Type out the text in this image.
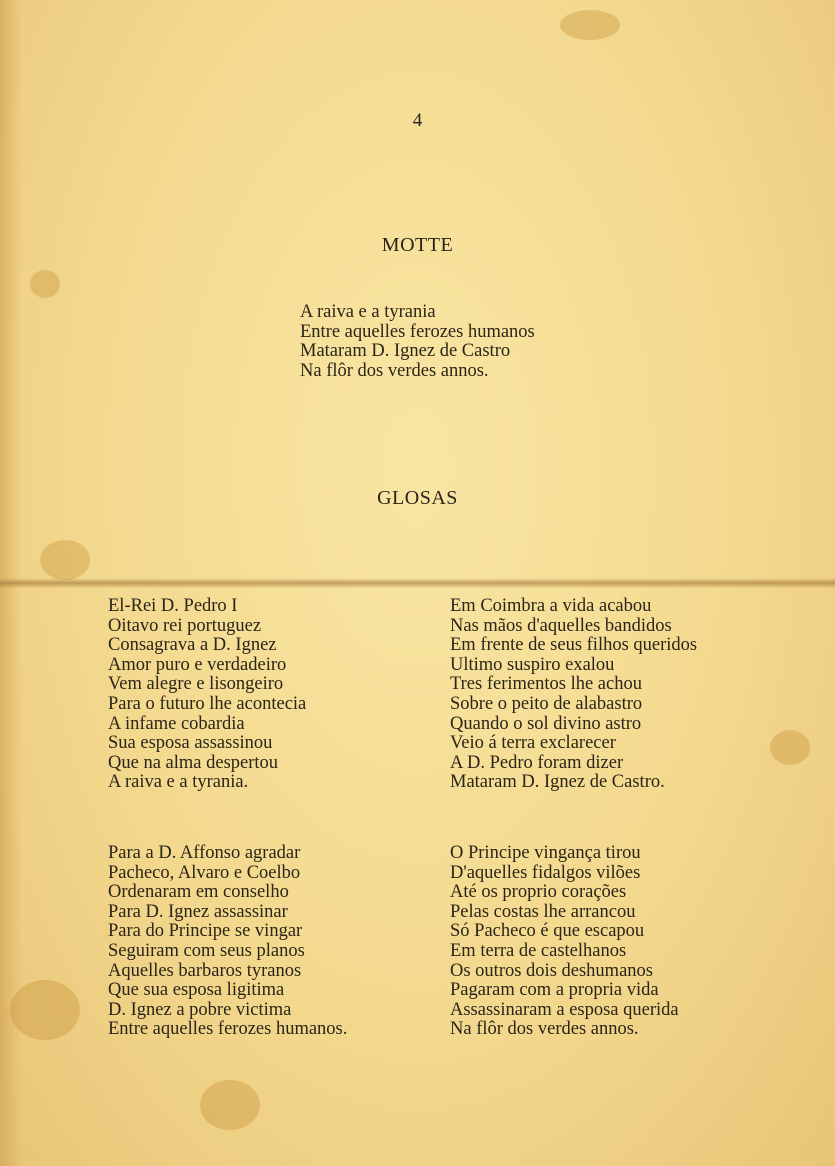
4
MOTTE
A raiva e a tyrania
Entre aquelles ferozes humanos
Mataram D. Ignez de Castro
Na flôr dos verdes annos.
GLOSAS
El-Rei D. Pedro I
Oitavo rei portuguez
Consagrava a D. Ignez
Amor puro e verdadeiro
Vem alegre e lisongeiro
Para o futuro lhe acontecia
A infame cobardia
Sua esposa assassinou
Que na alma despertou
A raiva e a tyrania.
Em Coimbra a vida acabou
Nas mãos d'aquelles bandidos
Em frente de seus filhos queridos
Ultimo suspiro exalou
Tres ferimentos lhe achou
Sobre o peito de alabastro
Quando o sol divino astro
Veio á terra exclarecer
A D. Pedro foram dizer
Mataram D. Ignez de Castro.
Para a D. Affonso agradar
Pacheco, Alvaro e Coelbo
Ordenaram em conselho
Para D. Ignez assassinar
Para do Principe se vingar
Seguiram com seus planos
Aquelles barbaros tyranos
Que sua esposa ligitima
D. Ignez a pobre victima
Entre aquelles ferozes humanos.
O Principe vingança tirou
D'aquelles fidalgos vilões
Até os proprio corações
Pelas costas lhe arrancou
Só Pacheco é que escapou
Em terra de castelhanos
Os outros dois deshumanos
Pagaram com a propria vida
Assassinaram a esposa querida
Na flôr dos verdes annos.
